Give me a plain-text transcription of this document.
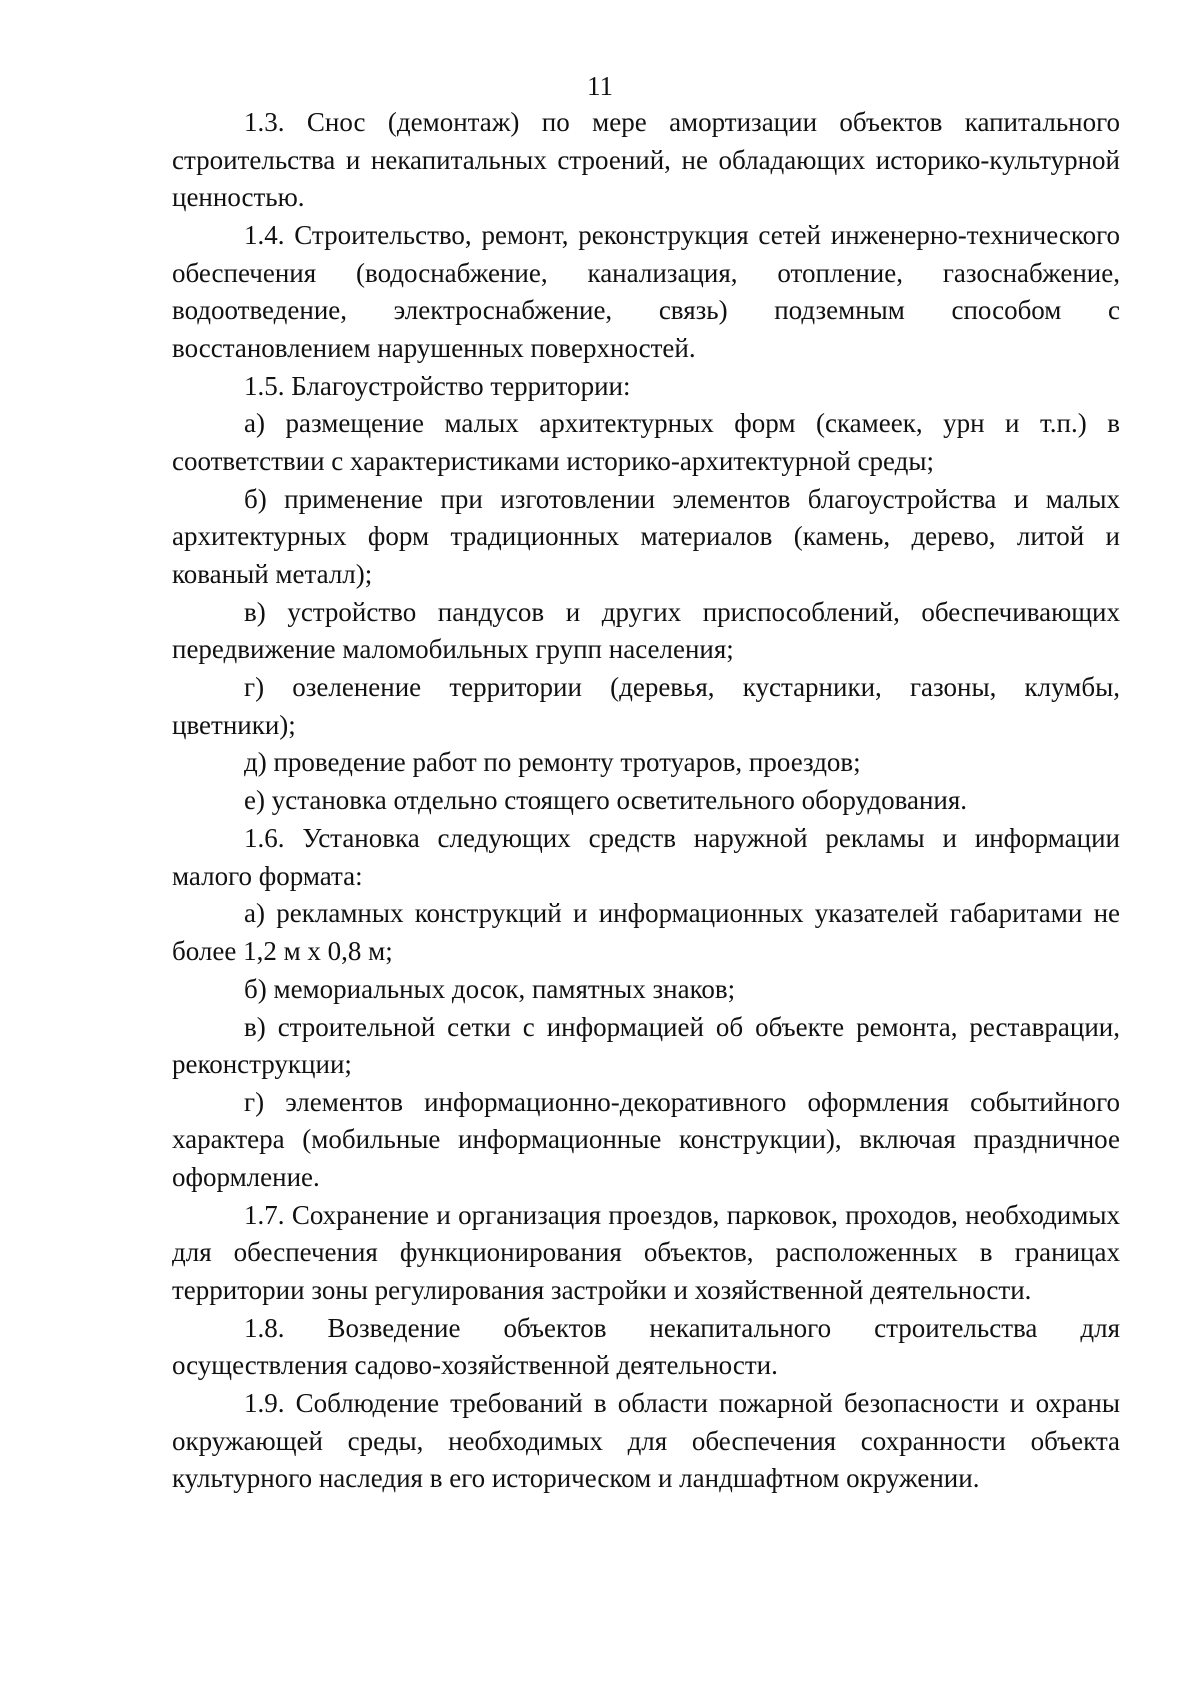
11

1.3. Снос (демонтаж) по мере амортизации объектов капитального строительства и некапитальных строений, не обладающих историко-культурной ценностью.

1.4. Строительство, ремонт, реконструкция сетей инженерно-технического обеспечения (водоснабжение, канализация, отопление, газоснабжение, водоотведение, электроснабжение, связь) подземным способом с восстановлением нарушенных поверхностей.

1.5. Благоустройство территории:

а) размещение малых архитектурных форм (скамеек, урн и т.п.) в соответствии с характеристиками историко-архитектурной среды;

б) применение при изготовлении элементов благоустройства и малых архитектурных форм традиционных материалов (камень, дерево, литой и кованый металл);

в) устройство пандусов и других приспособлений, обеспечивающих передвижение маломобильных групп населения;

г) озеленение территории (деревья, кустарники, газоны, клумбы, цветники);

д) проведение работ по ремонту тротуаров, проездов;

е) установка отдельно стоящего осветительного оборудования.

1.6. Установка следующих средств наружной рекламы и информации малого формата:

а) рекламных конструкций и информационных указателей габаритами не более 1,2 м х 0,8 м;

б) мемориальных досок, памятных знаков;

в) строительной сетки с информацией об объекте ремонта, реставрации, реконструкции;

г) элементов информационно-декоративного оформления событийного характера (мобильные информационные конструкции), включая праздничное оформление.

1.7. Сохранение и организация проездов, парковок, проходов, необходимых для обеспечения функционирования объектов, расположенных в границах территории зоны регулирования застройки и хозяйственной деятельности.

1.8. Возведение объектов некапитального строительства для осуществления садово-хозяйственной деятельности.

1.9. Соблюдение требований в области пожарной безопасности и охраны окружающей среды, необходимых для обеспечения сохранности объекта культурного наследия в его историческом и ландшафтном окружении.
